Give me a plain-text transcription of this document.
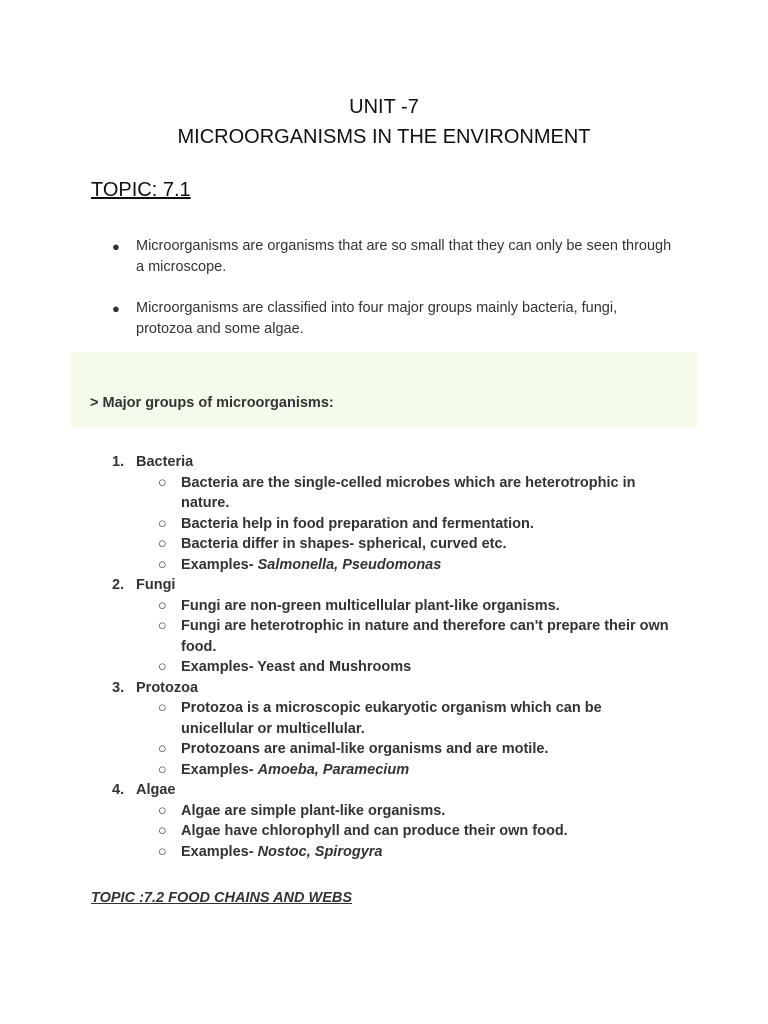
UNIT -7
MICROORGANISMS IN THE ENVIRONMENT
TOPIC: 7.1
● Microorganisms are organisms that are so small that they can only be seen through a microscope.
● Microorganisms are classified into four major groups mainly bacteria, fungi, protozoa and some algae.
> Major groups of microorganisms:
1. Bacteria
○ Bacteria are the single-celled microbes which are heterotrophic in nature.
○ Bacteria help in food preparation and fermentation.
○ Bacteria differ in shapes- spherical, curved etc.
○ Examples- Salmonella, Pseudomonas
2. Fungi
○ Fungi are non-green multicellular plant-like organisms.
○ Fungi are heterotrophic in nature and therefore can't prepare their own food.
○ Examples- Yeast and Mushrooms
3. Protozoa
○ Protozoa is a microscopic eukaryotic organism which can be unicellular or multicellular.
○ Protozoans are animal-like organisms and are motile.
○ Examples- Amoeba, Paramecium
4. Algae
○ Algae are simple plant-like organisms.
○ Algae have chlorophyll and can produce their own food.
○ Examples- Nostoc, Spirogyra
TOPIC :7.2 FOOD CHAINS AND WEBS
